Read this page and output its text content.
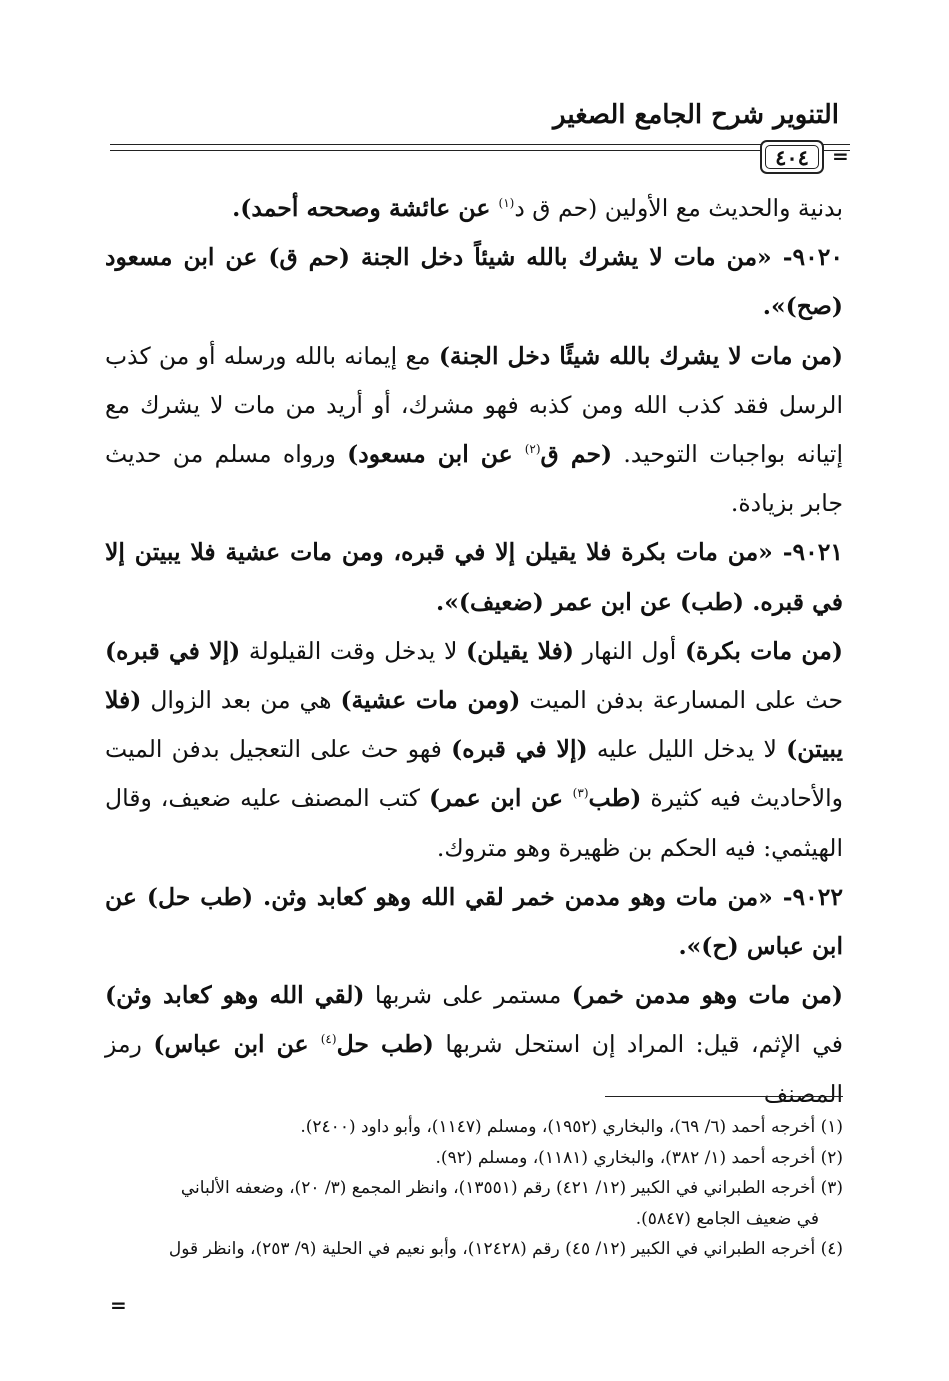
التنوير شرح الجامع الصغير
٤٠٤ =

بدنية والحديث مع الأولين (حم ق د$^{(١)}$ عن عائشة وصححه أحمد).

٩٠٢٠- «من مات لا يشرك بالله شيئاً دخل الجنة (حم ق) عن ابن مسعود (صح)».

(من مات لا يشرك بالله شيئًا دخل الجنة) مع إيمانه بالله ورسله أو من كذب الرسل فقد كذب الله ومن كذبه فهو مشرك، أو أريد من مات لا يشرك مع إتيانه بواجبات التوحيد. (حم ق$^{(٢)}$ عن ابن مسعود) ورواه مسلم من حديث جابر بزيادة.

٩٠٢١- «من مات بكرة فلا يقيلن إلا في قبره، ومن مات عشية فلا يبيتن إلا في قبره. (طب) عن ابن عمر (ضعيف)».

(من مات بكرة) أول النهار (فلا يقيلن) لا يدخل وقت القيلولة (إلا في قبره) حث على المسارعة بدفن الميت (ومن مات عشية) هي من بعد الزوال (فلا يبيتن) لا يدخل الليل عليه (إلا في قبره) فهو حث على التعجيل بدفن الميت والأحاديث فيه كثيرة (طب$^{(٣)}$ عن ابن عمر) كتب المصنف عليه ضعيف، وقال الهيثمي: فيه الحكم بن ظهيرة وهو متروك.

٩٠٢٢- «من مات وهو مدمن خمر لقي الله وهو كعابد وثن. (طب حل) عن ابن عباس (ح)».

(من مات وهو مدمن خمر) مستمر على شربها (لقي الله وهو كعابد وثن) في الإثم، قيل: المراد إن استحل شربها (طب حل$^{(٤)}$ عن ابن عباس) رمز المصنف

(١) أخرجه أحمد (٦/ ٦٩)، والبخاري (١٩٥٢)، ومسلم (١١٤٧)، وأبو داود (٢٤٠٠).

(٢) أخرجه أحمد (١/ ٣٨٢)، والبخاري (١١٨١)، ومسلم (٩٢).

(٣) أخرجه الطبراني في الكبير (١٢/ ٤٢١) رقم (١٣٥٥١)، وانظر المجمع (٣/ ٢٠)، وضعفه الألباني

في ضعيف الجامع (٥٨٤٧).

(٤) أخرجه الطبراني في الكبير (١٢/ ٤٥) رقم (١٢٤٢٨)، وأبو نعيم في الحلية (٩/ ٢٥٣)، وانظر قول

=
